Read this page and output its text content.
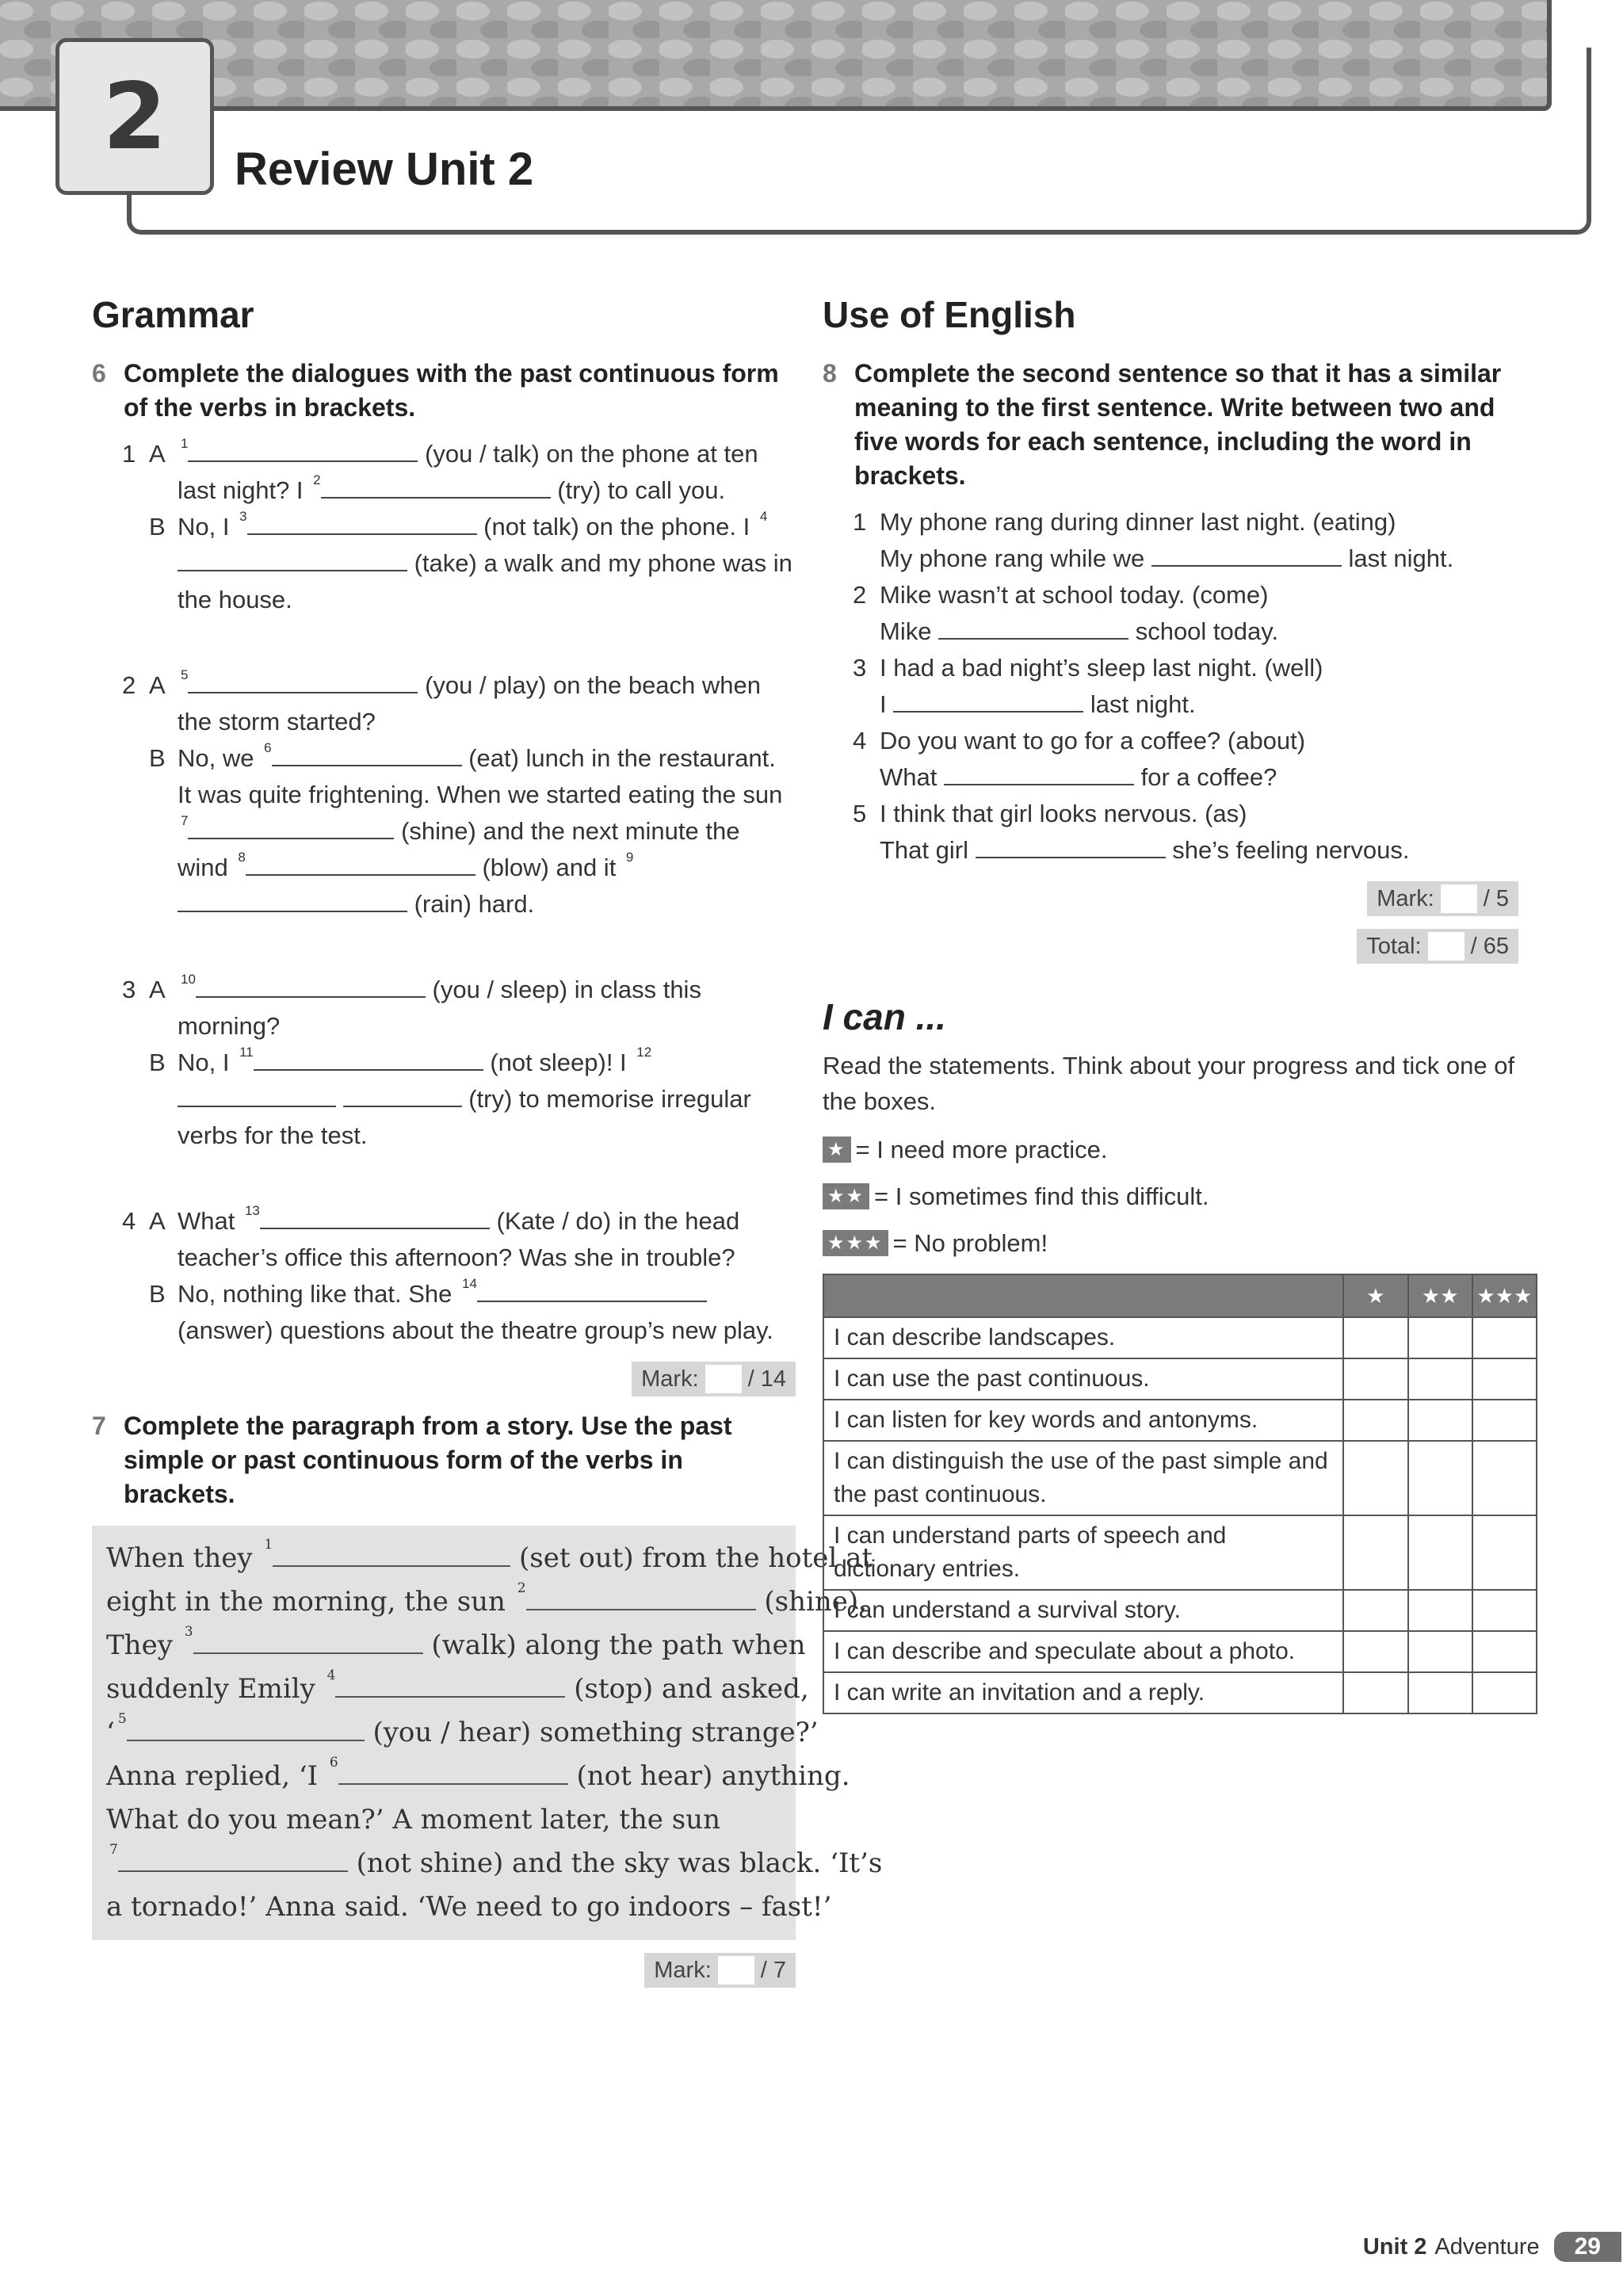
2	Review Unit 2
Grammar
6 Complete the dialogues with the past continuous form of the verbs in brackets.
1 A	$^1$	(you / talk) on the phone at ten last night? I $^2$	(try) to call you.
B No, I $^3$	(not talk) on the phone. I $^4$ (take) a walk and my phone was in the house.
2 A	$^5$	(you / play) on the beach when the storm started?
B No, we $^6$	(eat) lunch in the restaurant. It was quite frightening. When we started eating the sun $^7$	(shine) and the next minute the wind $^8$	(blow) and it $^9$ (rain) hard.
3 A	$^{10}$	(you / sleep) in class this morning?
B No, I $^{11}$	(not sleep)! I $^{12}$  (try) to memorise irregular verbs for the test.
4 A What $^{13}$	(Kate / do) in the head teacher’s office this afternoon? Was she in trouble?
B No, nothing like that. She $^{14}$ (answer) questions about the theatre group’s new play.
Mark: / 14
7 Complete the paragraph from a story. Use the past simple or past continuous form of the verbs in brackets.
When they $^1$	(set out) from the hotel at
eight in the morning, the sun $^2$	(shine).
They $^3$	(walk) along the path when
suddenly Emily $^4$	(stop) and asked,
‘ $^5$	(you / hear) something strange?’
Anna replied, ‘I $^6$	(not hear) anything.
What do you mean?’ A moment later, the sun
$^7$	(not shine) and the sky was black. ‘It’s
a tornado!’ Anna said. ‘We need to go indoors – fast!’
Mark: / 7
Use of English
8 Complete the second sentence so that it has a similar meaning to the first sentence. Write between two and five words for each sentence, including the word in brackets.
1 My phone rang during dinner last night. (eating)
My phone rang while we	last night.
2 Mike wasn’t at school today. (come)
Mike	school today.
3 I had a bad night’s sleep last night. (well)
I	last night.
4 Do you want to go for a coffee? (about)
What	for a coffee?
5 I think that girl looks nervous. (as)
That girl	she’s feeling nervous.
Mark: / 5
Total: / 65
I can ...
Read the statements. Think about your progress and tick one of the boxes.
★ = I need more practice.
★★ = I sometimes find this difficult.
★★★ = No problem!
	★	★★	★★★
I can describe landscapes.			
I can use the past continuous.			
I can listen for key words and antonyms.			
I can distinguish the use of the past simple and the past continuous.			
I can understand parts of speech and dictionary entries.			
I can understand a survival story.			
I can describe and speculate about a photo.			
I can write an invitation and a reply.			
Unit 2 Adventure	29
